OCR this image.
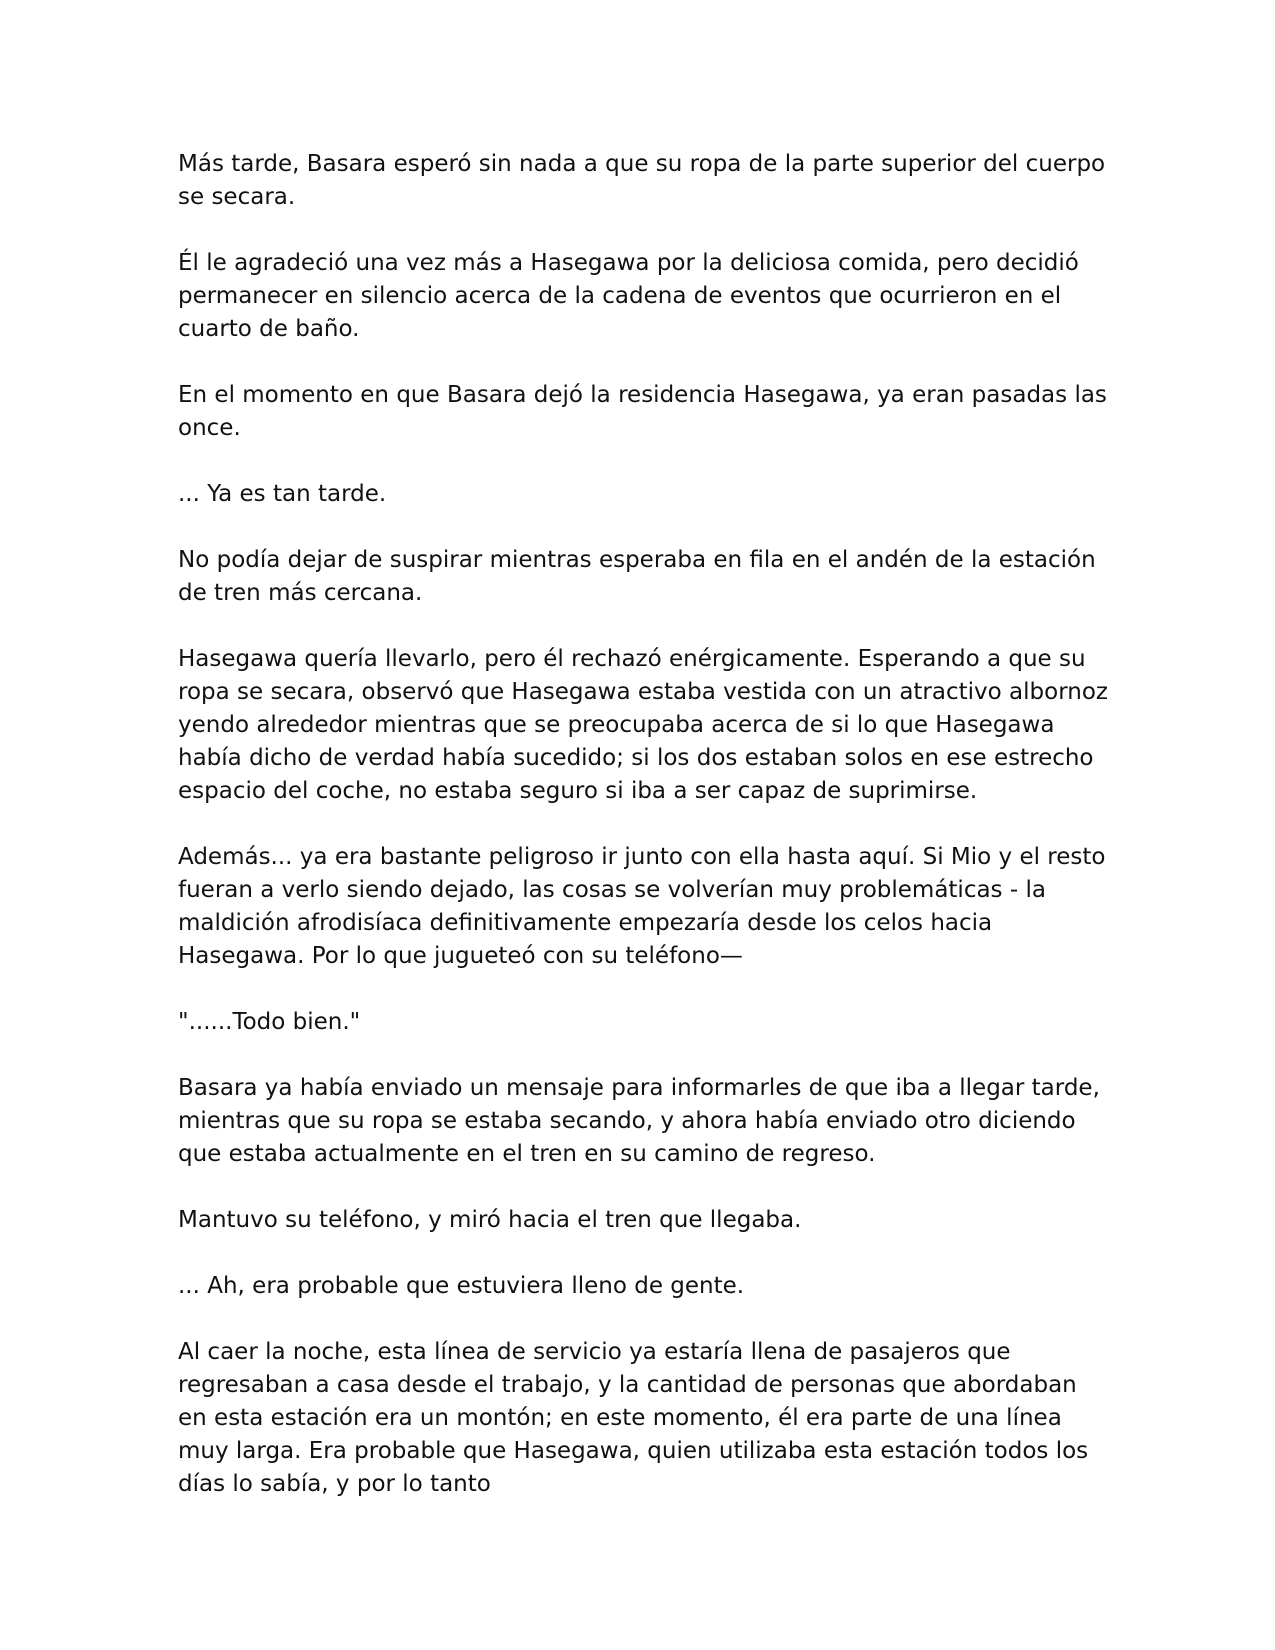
Más tarde, Basara esperó sin nada a que su ropa de la parte superior del cuerpo se secara.

Él le agradeció una vez más a Hasegawa por la deliciosa comida, pero decidió permanecer en silencio acerca de la cadena de eventos que ocurrieron en el cuarto de baño.

En el momento en que Basara dejó la residencia Hasegawa, ya eran pasadas las once.

... Ya es tan tarde.

No podía dejar de suspirar mientras esperaba en fila en el andén de la estación de tren más cercana.

Hasegawa quería llevarlo, pero él rechazó enérgicamente. Esperando a que su ropa se secara, observó que Hasegawa estaba vestida con un atractivo albornoz yendo alrededor mientras que se preocupaba acerca de si lo que Hasegawa había dicho de verdad había sucedido; si los dos estaban solos en ese estrecho espacio del coche, no estaba seguro si iba a ser capaz de suprimirse.

Además... ya era bastante peligroso ir junto con ella hasta aquí. Si Mio y el resto fueran a verlo siendo dejado, las cosas se volverían muy problemáticas - la maldición afrodisíaca definitivamente empezaría desde los celos hacia Hasegawa. Por lo que jugueteó con su teléfono—

"......Todo bien."

Basara ya había enviado un mensaje para informarles de que iba a llegar tarde, mientras que su ropa se estaba secando, y ahora había enviado otro diciendo que estaba actualmente en el tren en su camino de regreso.

Mantuvo su teléfono, y miró hacia el tren que llegaba.

... Ah, era probable que estuviera lleno de gente.

Al caer la noche, esta línea de servicio ya estaría llena de pasajeros que regresaban a casa desde el trabajo, y la cantidad de personas que abordaban en esta estación era un montón; en este momento, él era parte de una línea muy larga. Era probable que Hasegawa, quien utilizaba esta estación todos los días lo sabía, y por lo tanto
